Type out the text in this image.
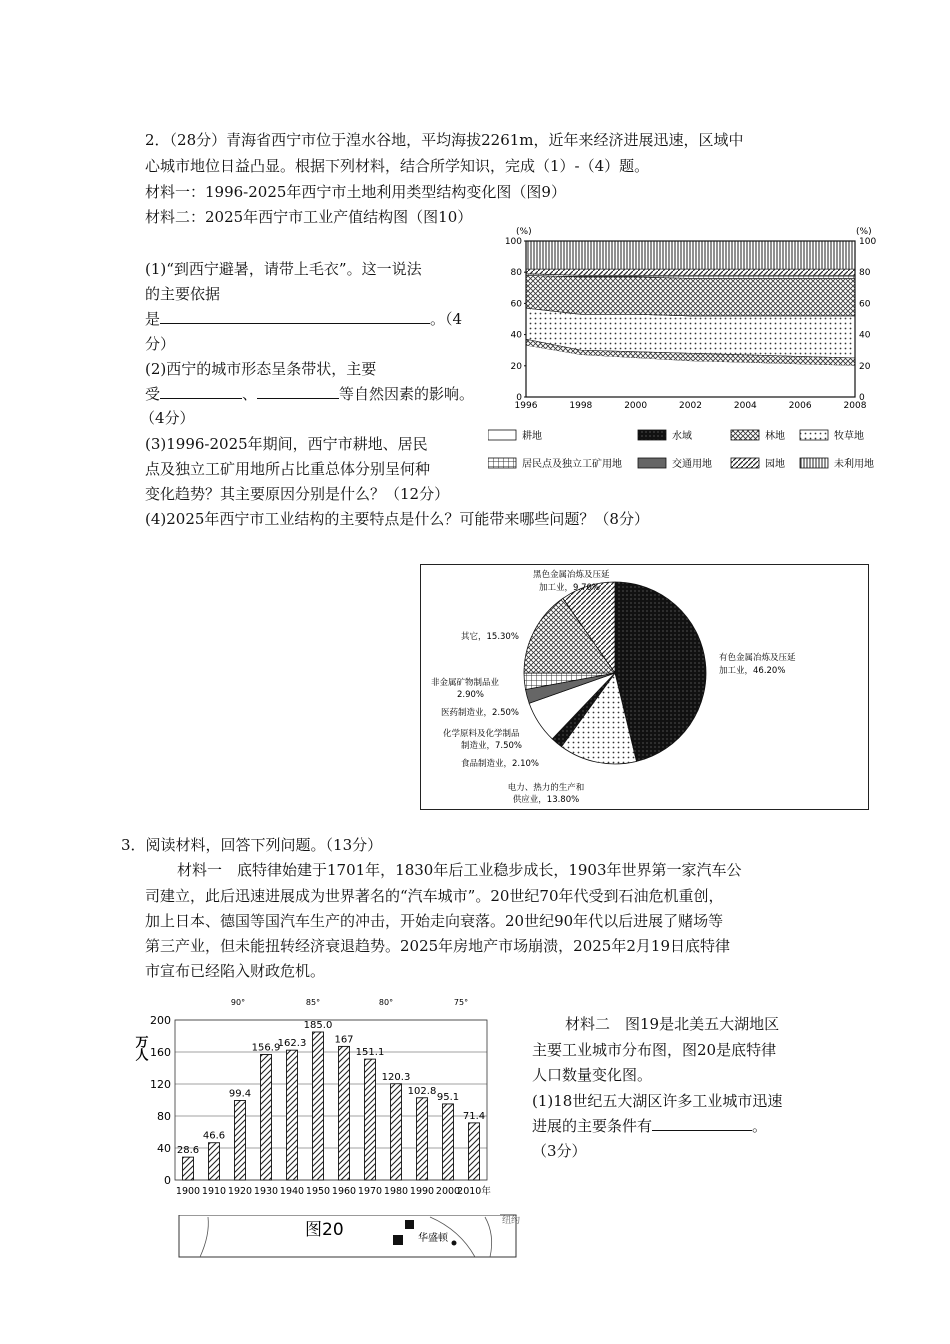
2．（28分）青海省西宁市位于湟水谷地，平均海拔2261m，近年来经济进展迅速，区域中
心城市地位日益凸显。根据下列材料，结合所学知识，完成（1）-（4）题。
材料一：1996-2025年西宁市土地利用类型结构变化图（图9）
材料二：2025年西宁市工业产值结构图（图10）
(1)“到西宁避暑，请带上毛衣”。这一说法
的主要依据
是	。（4
分）
(2)西宁的城市形态呈条带状，主要
受	、	等自然因素的影响。
（4分）
(3)1996-2025年期间，西宁市耕地、居民
点及独立工矿用地所占比重总体分别呈何种
变化趋势？其主要原因分别是什么？（12分）
(4)2025年西宁市工业结构的主要特点是什么？可能带来哪些问题？（8分）
(%)	(%)
0	0
20	20
40	40
60	60
80	80
100	100
1996	1998	2000	2002	2004	2006	2008
耕地	水域	林地	牧草地
居民点及独立工矿用地	交通用地	园地	未利用地
有色金属冶炼及压延
加工业，46.20%
电力、热力的生产和
供应业，13.80%
食品制造业，2.10%
化学原料及化学制品
制造业，7.50%
医药制造业，2.50%
非金属矿物制品业
2.90%
其它，15.30%
黑色金属冶炼及压延
加工业，9.70%
3．阅读材料，回答下列问题。（13分）
材料一　底特律始建于1701年，1830年后工业稳步成长，1903年世界第一家汽车公
司建立，此后迅速进展成为世界著名的“汽车城市”。20世纪70年代受到石油危机重创，
加上日本、德国等国汽车生产的冲击，开始走向衰落。20世纪90年代以后进展了赌场等
第三产业，但未能扭转经济衰退趋势。2025年房地产市场崩溃，2025年2月19日底特律
市宣布已经陷入财政危机。
材料二　图19是北美五大湖地区
主要工业城市分布图，图20是底特律
人口数量变化图。
(1)18世纪五大湖区许多工业城市迅速
进展的主要条件有	。
（3分）
华盛顿
纽约
90°	85°	80°	75°
万人
0
40
80
120
160
200
28.6
46.6
99.4
156.9
162.3
185.0
167
151.1
120.3
102.8
95.1
71.4
1900 1910 1920 1930 1940 1950 1960 1970 1980 1990 2000
2010年
图20
